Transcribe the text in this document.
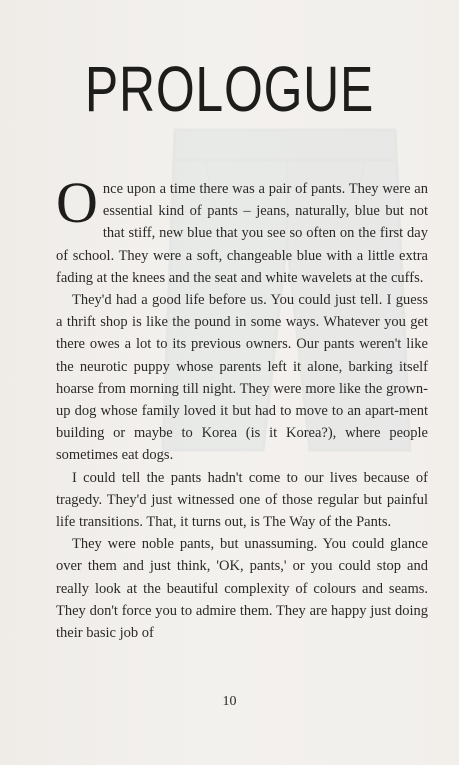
PROLOGUE

Once upon a time there was a pair of pants. They were an essential kind of pants – jeans, naturally, blue but not that stiff, new blue that you see so often on the first day of school. They were a soft, changeable blue with a little extra fading at the knees and the seat and white wavelets at the cuffs.

They'd had a good life before us. You could just tell. I guess a thrift shop is like the pound in some ways. Whatever you get there owes a lot to its previous owners. Our pants weren't like the neurotic puppy whose parents left it alone, barking itself hoarse from morning till night. They were more like the grown-up dog whose family loved it but had to move to an apart-ment building or maybe to Korea (is it Korea?), where people sometimes eat dogs.

I could tell the pants hadn't come to our lives because of tragedy. They'd just witnessed one of those regular but painful life transitions. That, it turns out, is The Way of the Pants.

They were noble pants, but unassuming. You could glance over them and just think, 'OK, pants,' or you could stop and really look at the beautiful complexity of colours and seams. They don't force you to admire them. They are happy just doing their basic job of

10
